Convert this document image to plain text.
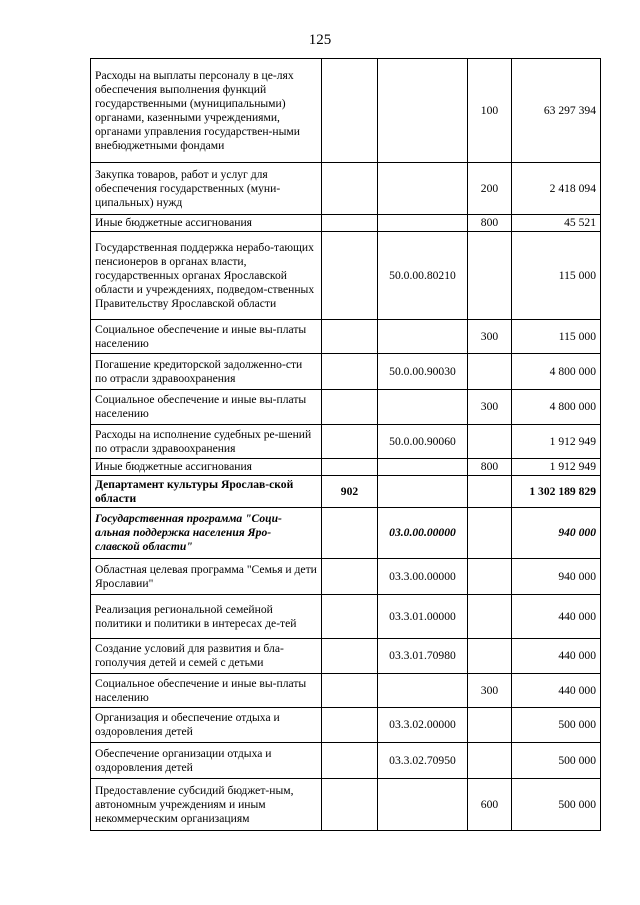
125
Расходы на выплаты персоналу в це-лях обеспечения выполнения функций государственными (муниципальными) органами, казенными учреждениями, органами управления государствен-ными внебюджетными фондами			100	63 297 394
Закупка товаров, работ и услуг для обеспечения государственных (муни-ципальных) нужд			200	2 418 094
Иные бюджетные ассигнования			800	45 521
Государственная поддержка нерабо-тающих пенсионеров в органах власти, государственных органах Ярославской области и учреждениях, подведом-ственных Правительству Ярославской области		50.0.00.80210		115 000
Социальное обеспечение и иные вы-платы населению			300	115 000
Погашение кредиторской задолженно-сти по отрасли здравоохранения		50.0.00.90030		4 800 000
Социальное обеспечение и иные вы-платы населению			300	4 800 000
Расходы на исполнение судебных ре-шений по отрасли здравоохранения		50.0.00.90060		1 912 949
Иные бюджетные ассигнования			800	1 912 949
Департамент культуры Ярослав-ской области	902			1 302 189 829
Государственная программа "Соци-альная поддержка населения Яро-славской области"		03.0.00.00000		940 000
Областная целевая программа "Семья и дети Ярославии"		03.3.00.00000		940 000
Реализация региональной семейной политики и политики в интересах де-тей		03.3.01.00000		440 000
Создание условий для развития и бла-гополучия детей и семей с детьми		03.3.01.70980		440 000
Социальное обеспечение и иные вы-платы населению			300	440 000
Организация и обеспечение отдыха и оздоровления детей		03.3.02.00000		500 000
Обеспечение организации отдыха и оздоровления детей		03.3.02.70950		500 000
Предоставление субсидий бюджет-ным, автономным учреждениям и иным некоммерческим организациям			600	500 000
